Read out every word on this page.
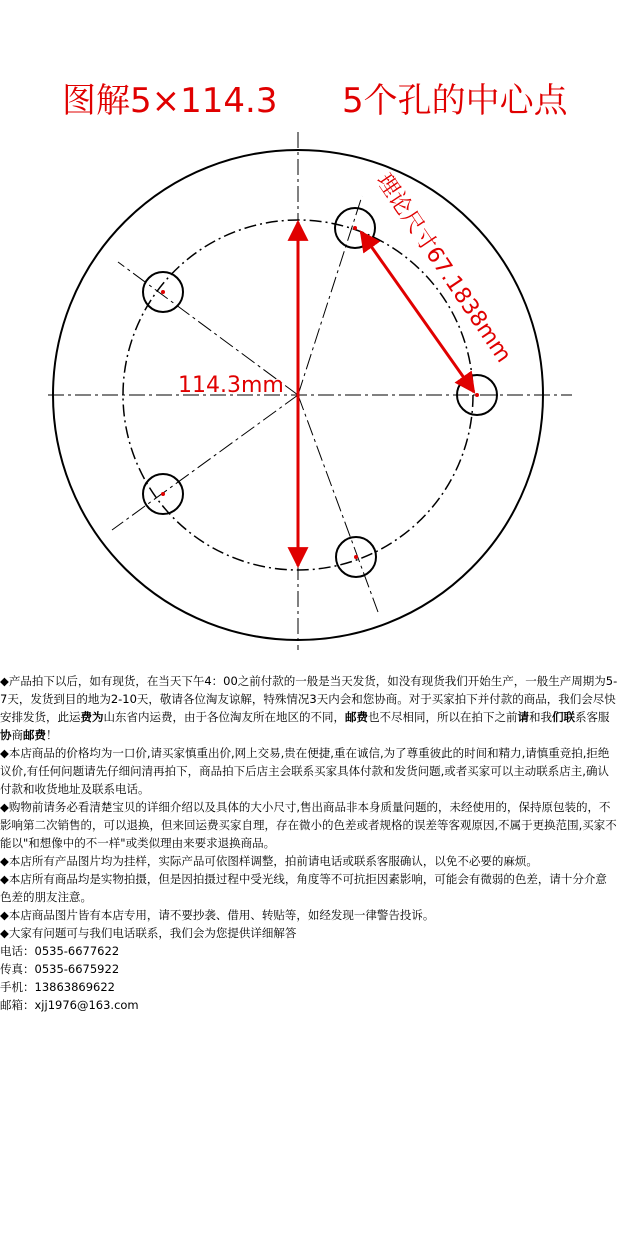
图解5×114.3 5个孔的中心点
114.3mm
理论尺寸67.1838mm

◆产品拍下以后，如有现货，在当天下午4：00之前付款的一般是当天发货，如没有现货我们开始生产，一般生产周期为5-7天，发货到目的地为2-10天，敬请各位淘友谅解，特殊情况3天内会和您协商。对于买家拍下并付款的商品，我们会尽快安排发货，此运费为山东省内运费，由于各位淘友所在地区的不同，邮费也不尽相同，所以在拍下之前请和我们联系客服协商邮费！

◆本店商品的价格均为一口价,请买家慎重出价,网上交易,贵在便捷,重在诚信,为了尊重彼此的时间和精力,请慎重竞拍,拒绝议价,有任何问题请先仔细问清再拍下，商品拍下后店主会联系买家具体付款和发货问题,或者买家可以主动联系店主,确认付款和收货地址及联系电话。

◆购物前请务必看清楚宝贝的详细介绍以及具体的大小尺寸,售出商品非本身质量问题的，未经使用的，保持原包装的，不影响第二次销售的，可以退换，但来回运费买家自理，存在微小的色差或者规格的误差等客观原因,不属于更换范围,买家不能以"和想像中的不一样"或类似理由来要求退换商品。

◆本店所有产品图片均为挂样，实际产品可依图样调整，拍前请电话或联系客服确认，以免不必要的麻烦。

◆本店所有商品均是实物拍摄，但是因拍摄过程中受光线，角度等不可抗拒因素影响，可能会有微弱的色差，请十分介意色差的朋友注意。

◆本店商品图片皆有本店专用，请不要抄袭、借用、转贴等，如经发现一律警告投诉。

◆大家有问题可与我们电话联系，我们会为您提供详细解答

电话：0535-6677622

传真：0535-6675922

手机：13863869622

邮箱：xjj1976@163.com
